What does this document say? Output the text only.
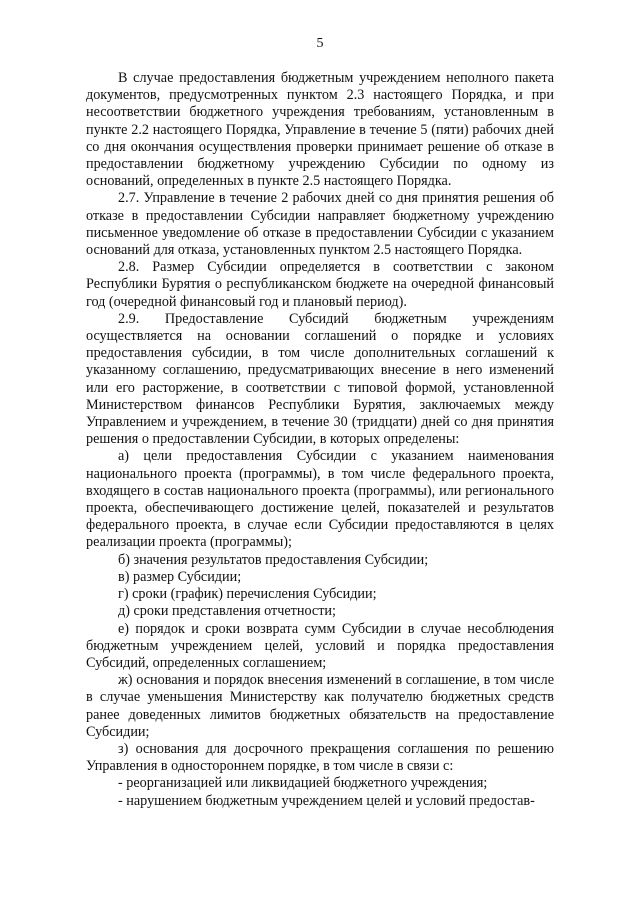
5

В случае предоставления бюджетным учреждением неполного пакета документов, предусмотренных пунктом 2.3 настоящего Порядка, и при несоответствии бюджетного учреждения требованиям, установленным в пункте 2.2 настоящего Порядка, Управление в течение 5 (пяти) рабочих дней со дня окончания осуществления проверки принимает решение об отказе в предоставлении бюджетному учреждению Субсидии по одному из оснований, определенных в пункте 2.5 настоящего Порядка.

2.7. Управление в течение 2 рабочих дней со дня принятия решения об отказе в предоставлении Субсидии направляет бюджетному учреждению письменное уведомление об отказе в предоставлении Субсидии с указанием оснований для отказа, установленных пунктом 2.5 настоящего Порядка.

2.8. Размер Субсидии определяется в соответствии с законом Республики Бурятия о республиканском бюджете на очередной финансовый год (очередной финансовый год и плановый период).

2.9. Предоставление Субсидий бюджетным учреждениям осуществляется на основании соглашений о порядке и условиях предоставления субсидии, в том числе дополнительных соглашений к указанному соглашению, предусматривающих внесение в него изменений или его расторжение, в соответствии с типовой формой, установленной Министерством финансов Республики Бурятия, заключаемых между Управлением и учреждением, в течение 30 (тридцати) дней со дня принятия решения о предоставлении Субсидии, в которых определены:

а) цели предоставления Субсидии с указанием наименования национального проекта (программы), в том числе федерального проекта, входящего в состав национального проекта (программы), или регионального проекта, обеспечивающего достижение целей, показателей и результатов федерального проекта, в случае если Субсидии предоставляются в целях реализации проекта (программы);

б) значения результатов предоставления Субсидии;

в) размер Субсидии;

г) сроки (график) перечисления Субсидии;

д) сроки представления отчетности;

е) порядок и сроки возврата сумм Субсидии в случае несоблюдения бюджетным учреждением целей, условий и порядка предоставления Субсидий, определенных соглашением;

ж) основания и порядок внесения изменений в соглашение, в том числе в случае уменьшения Министерству как получателю бюджетных средств ранее доведенных лимитов бюджетных обязательств на предоставление Субсидии;

з) основания для досрочного прекращения соглашения по решению Управления в одностороннем порядке, в том числе в связи с:

- реорганизацией или ликвидацией бюджетного учреждения;

- нарушением бюджетным учреждением целей и условий предостав-
